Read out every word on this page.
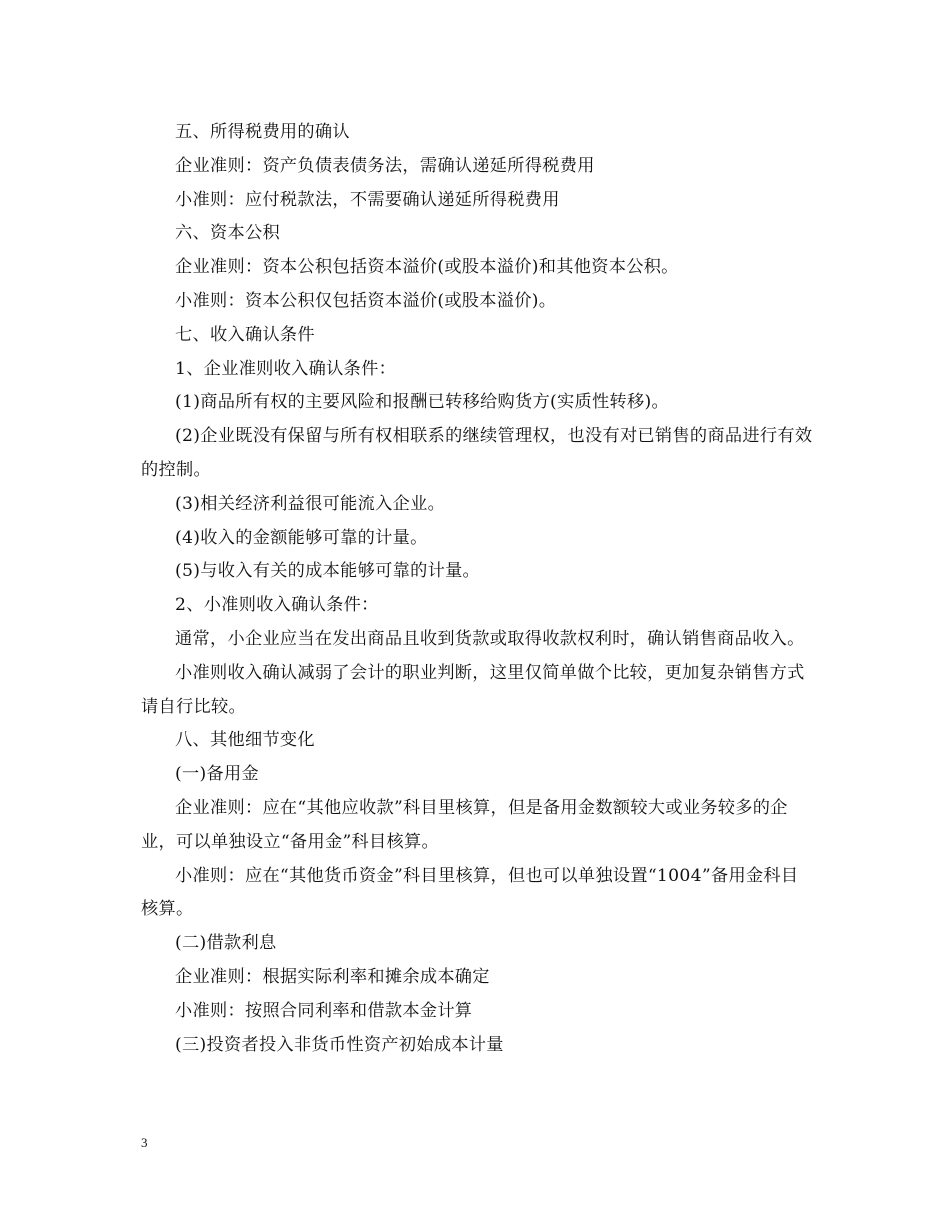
五、所得税费用的确认

企业准则：资产负债表债务法，需确认递延所得税费用

小准则：应付税款法，不需要确认递延所得税费用

六、资本公积

企业准则：资本公积包括资本溢价(或股本溢价)和其他资本公积。

小准则：资本公积仅包括资本溢价(或股本溢价)。

七、收入确认条件

1、企业准则收入确认条件：

(1)商品所有权的主要风险和报酬已转移给购货方(实质性转移)。

(2)企业既没有保留与所有权相联系的继续管理权，也没有对已销售的商品进行有效的控制。

(3)相关经济利益很可能流入企业。

(4)收入的金额能够可靠的计量。

(5)与收入有关的成本能够可靠的计量。

2、小准则收入确认条件：

通常，小企业应当在发出商品且收到货款或取得收款权利时，确认销售商品收入。

小准则收入确认减弱了会计的职业判断，这里仅简单做个比较，更加复杂销售方式请自行比较。

八、其他细节变化

(一)备用金

企业准则：应在“其他应收款”科目里核算，但是备用金数额较大或业务较多的企业，可以单独设立“备用金”科目核算。

小准则：应在“其他货币资金”科目里核算，但也可以单独设置“1004”备用金科目核算。

(二)借款利息

企业准则：根据实际利率和摊余成本确定

小准则：按照合同利率和借款本金计算

(三)投资者投入非货币性资产初始成本计量

3
